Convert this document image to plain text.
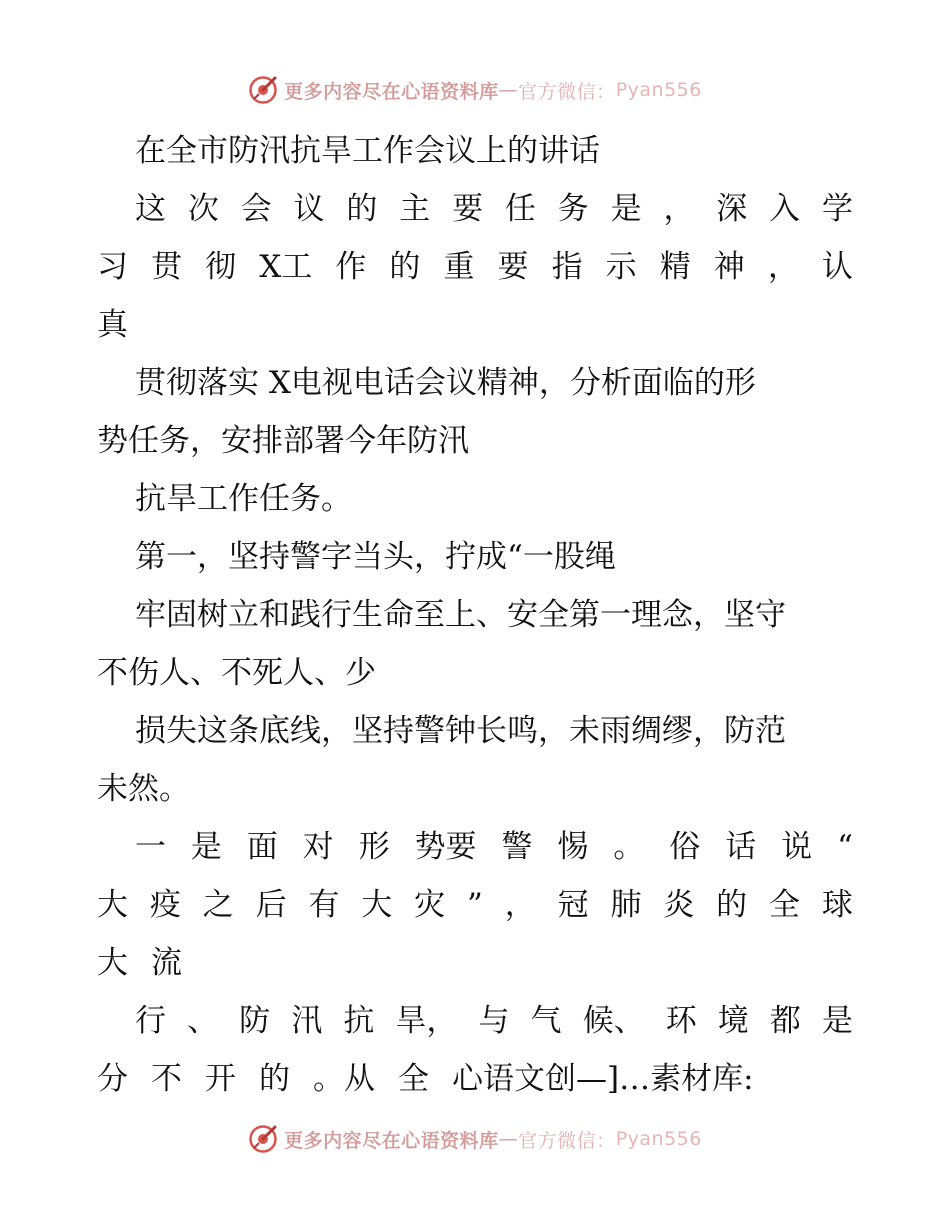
更多内容尽在心语资料库 — 官方微信： Pyan556
在全市防汛抗旱工作会议上的讲话
这 次 会 议 的 主 要 任 务 是 ， 深 入 学
习 贯 彻 X工 作 的 重 要 指 示 精 神 ， 认
真
贯彻落实 X电视电话会议精神，分析面临的形
势任务，安排部署今年防汛
抗旱工作任务。
第一，坚持警字当头，拧成“一股绳
牢固树立和践行生命至上、安全第一理念，坚守
不伤人、不死人、少
损失这条底线，坚持警钟长鸣，未雨绸缪，防范
未然。
一 是 面 对 形 势要 警 惕 。 俗 话 说 “
大 疫 之 后 有 大 灾 ” ， 冠 肺 炎 的 全 球
大 流
行 、 防 汛 抗 旱， 与 气 候、 环 境 都 是
分 不 开 的 。从 全 心语文创—]…素材库:
更多内容尽在心语资料库 — 官方微信： Pyan556
